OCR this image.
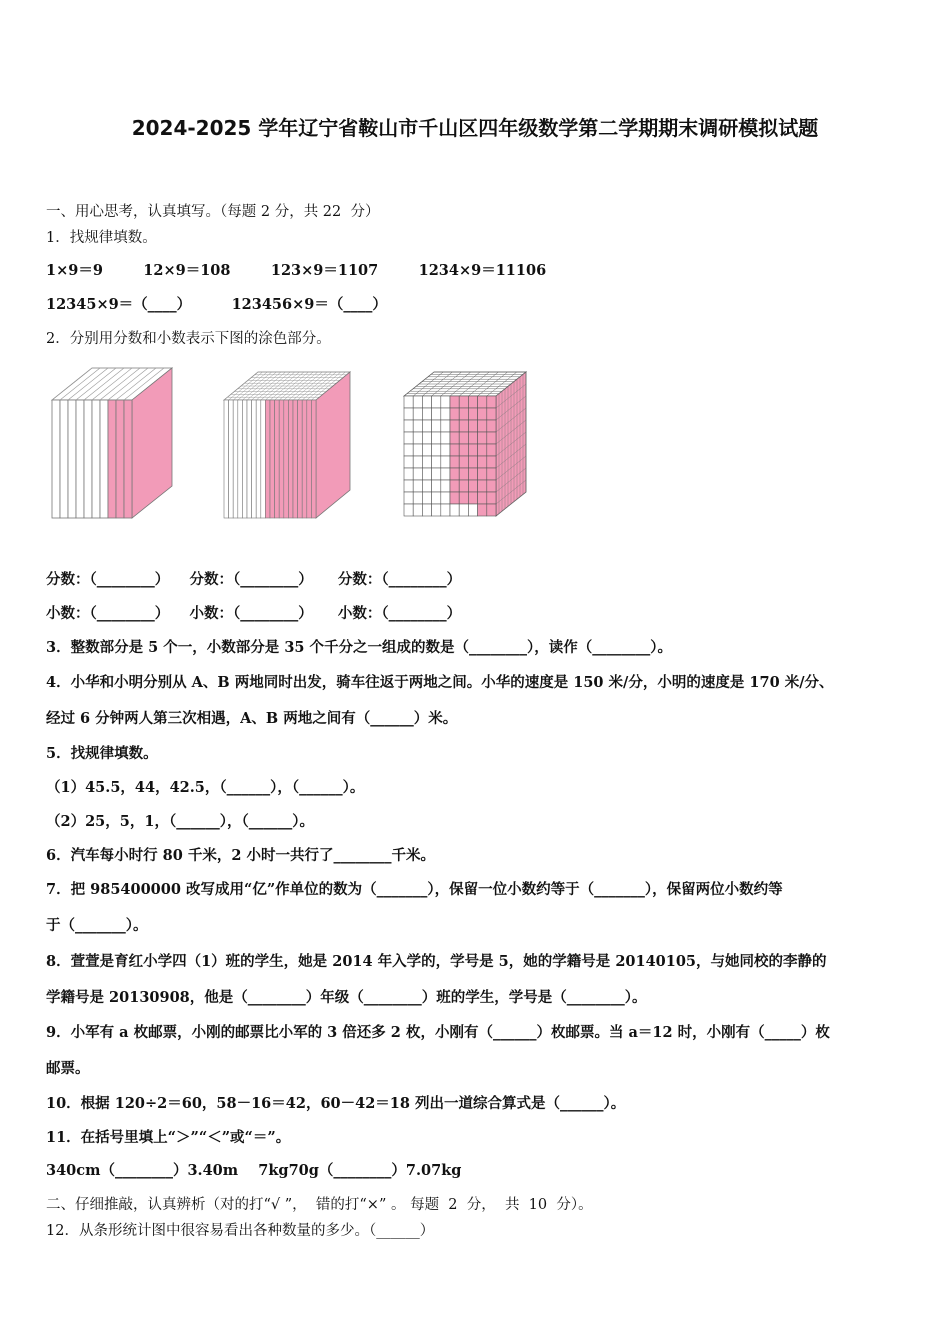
2024-2025 学年辽宁省鞍山市千山区四年级数学第二学期期末调研模拟试题
一、用心思考，认真填写。（每题 2 分，共 22  分）
1．找规律填数。
1×9＝9        12×9＝108        123×9＝1107        1234×9＝11106
12345×9＝（____）        123456×9＝（____）
2．分别用分数和小数表示下图的涂色部分。
分数：（________）    分数：（________）     分数：（________）
小数：（________）    小数：（________）     小数：（________）
3．整数部分是 5 个一，小数部分是 35 个千分之一组成的数是（________），读作（________）。
4．小华和小明分别从 A、B 两地同时出发，骑车往返于两地之间。小华的速度是 150 米/分，小明的速度是 170 米/分、
经过 6 分钟两人第三次相遇，A、B 两地之间有（______）米。
5．找规律填数。
（1）45.5，44，42.5，（______），（______）。
（2）25，5，1，（______），（______）。
6．汽车每小时行 80 千米，2 小时一共行了________千米。
7．把 985400000 改写成用“亿”作单位的数为（_______），保留一位小数约等于（_______），保留两位小数约等
于（_______）。
8．萱萱是育红小学四（1）班的学生，她是 2014 年入学的，学号是 5，她的学籍号是 20140105，与她同校的李静的
学籍号是 20130908，他是（________）年级（________）班的学生，学号是（________）。
9．小军有 a 枚邮票，小刚的邮票比小军的 3 倍还多 2 枚，小刚有（______）枚邮票。当 a＝12 时，小刚有（_____）枚
邮票。
10．根据 120÷2＝60，58－16＝42，60－42＝18 列出一道综合算式是（______）。
11．在括号里填上“＞”“＜”或“＝”。
340cm（________）3.40m    7kg70g（________）7.07kg
二、仔细推敲，认真辨析（对的打“√ ”，  错的打“×” 。 每题  2  分，  共  10  分）。
12．从条形统计图中很容易看出各种数量的多少。（______）
